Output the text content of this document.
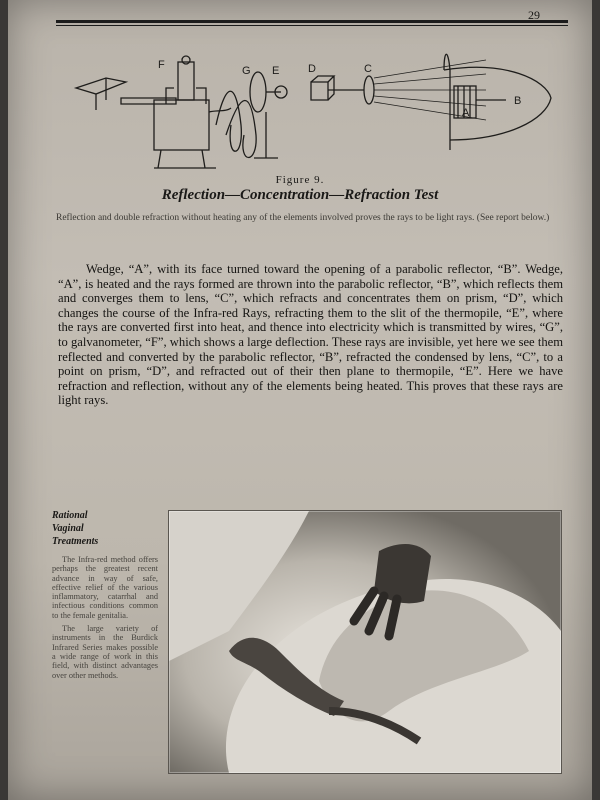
29
F	G E	D	C
A
B
Figure 9.
Reflection—Concentration—Refraction Test
Reflection and double refraction without heating any of the elements involved proves the rays to be light rays. (See report below.)
Wedge, “A”, with its face turned toward the opening of a parabolic reflector, “B”. Wedge, “A”, is heated and the rays formed are thrown into the parabolic reflector, “B”, which reflects them and converges them to lens, “C”, which refracts and concentrates them on prism, “D”, which changes the course of the Infra-red Rays, refracting them to the slit of the thermopile, “E”, where the rays are converted first into heat, and thence into electricity which is transmitted by wires, “G”, to galvanometer, “F”, which shows a large deflection. These rays are invisible, yet here we see them reflected and converted by the parabolic reflector, “B”, refracted the condensed by lens, “C”, to a point on prism, “D”, and refracted out of their then plane to thermopile, “E”. Here we have refraction and reflection, without any of the elements being heated. This proves that these rays are light rays.
Rational
Vaginal
Treatments

The Infra-red method offers perhaps the greatest recent advance in way of safe, effective relief of the various inflammatory, catarrhal and infectious conditions common to the female genitalia.

The large variety of instruments in the Burdick Infrared Series makes possible a wide range of work in this field, with distinct advantages over other methods.
